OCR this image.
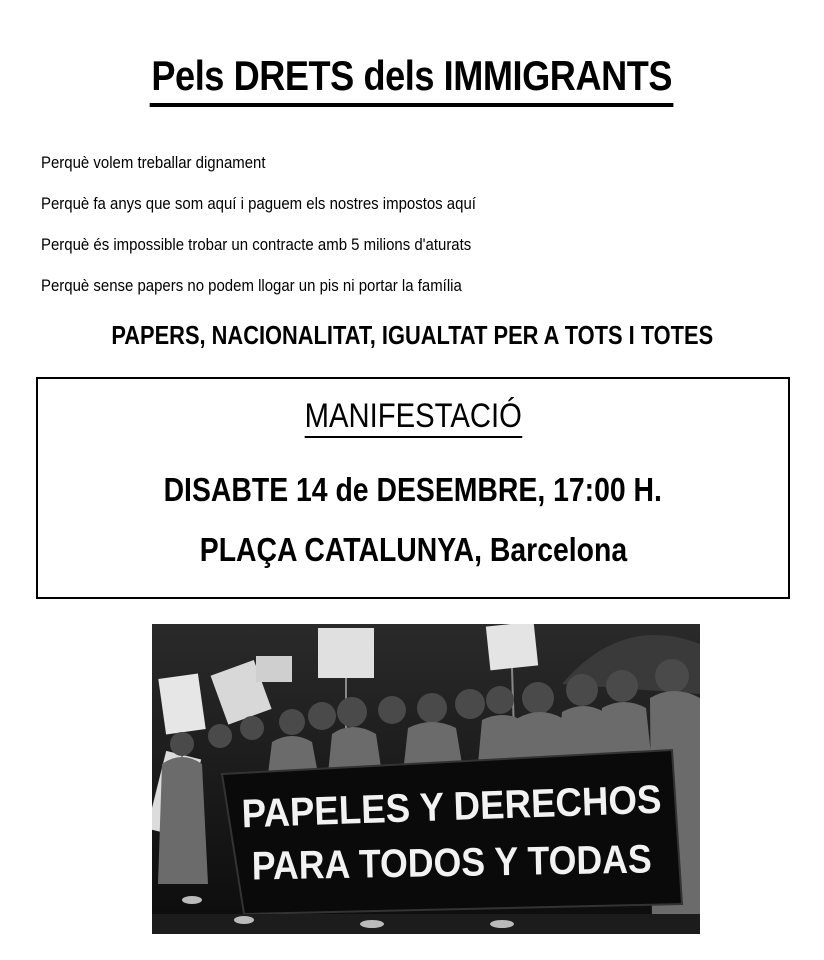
Pels DRETS dels IMMIGRANTS
Perquè volem treballar dignament
Perquè fa anys que som aquí i paguem els nostres impostos aquí
Perquè és impossible trobar un contracte amb 5 milions d'aturats
Perquè sense papers no podem llogar un pis ni portar la família
PAPERS, NACIONALITAT, IGUALTAT PER A TOTS I TOTES
MANIFESTACIÓ
DISABTE 14 de DESEMBRE, 17:00 H.
PLAÇA CATALUNYA, Barcelona
PAPELES Y DERECHOS
PARA TODOS Y TODAS
